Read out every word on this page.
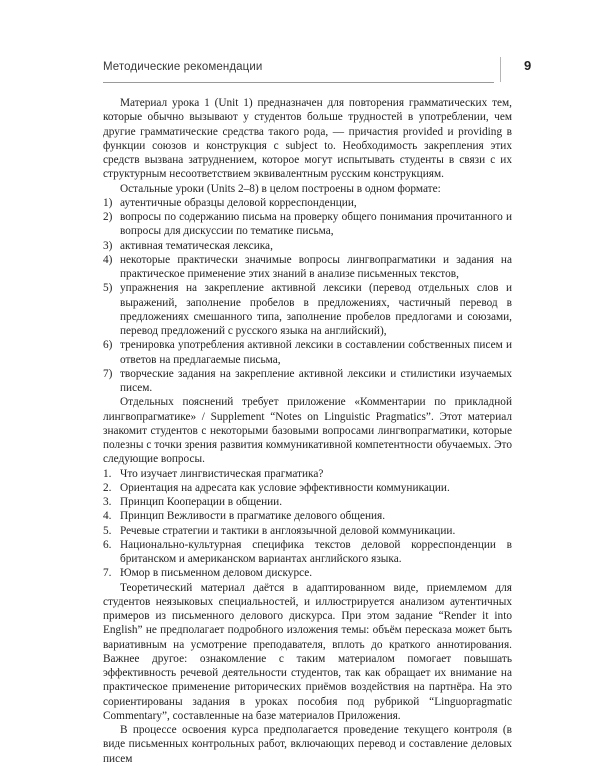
Методические рекомендации	9

Материал урока 1 (Unit 1) предназначен для повторения грамматических тем, которые обычно вызывают у студентов больше трудностей в употреблении, чем другие грамматические средства такого рода, — причастия provided и providing в функции союзов и конструкция с subject to. Необходимость закрепления этих средств вызвана затруднением, которое могут испытывать студенты в связи с их структурным несоответствием эквивалентным русским конструкциям.

Остальные уроки (Units 2–8) в целом построены в одном формате:

1) аутентичные образцы деловой корреспонденции,
2) вопросы по содержанию письма на проверку общего понимания прочитанного и вопросы для дискуссии по тематике письма,
3) активная тематическая лексика,
4) некоторые практически значимые вопросы лингвопрагматики и задания на практическое применение этих знаний в анализе письменных текстов,
5) упражнения на закрепление активной лексики (перевод отдельных слов и выражений, заполнение пробелов в предложениях, частичный перевод в предложениях смешанного типа, заполнение пробелов предлогами и союзами, перевод предложений с русского языка на английский),
6) тренировка употребления активной лексики в составлении собственных писем и ответов на предлагаемые письма,
7) творческие задания на закрепление активной лексики и стилистики изучаемых писем.

Отдельных пояснений требует приложение «Комментарии по прикладной лингвопрагматике» / Supplement “Notes on Linguistic Pragmatics”. Этот материал знакомит студентов с некоторыми базовыми вопросами лингвопрагматики, которые полезны с точки зрения развития коммуникативной компетентности обучаемых. Это следующие вопросы.

1. Что изучает лингвистическая прагматика?
2. Ориентация на адресата как условие эффективности коммуникации.
3. Принцип Кооперации в общении.
4. Принцип Вежливости в прагматике делового общения.
5. Речевые стратегии и тактики в англоязычной деловой коммуникации.
6. Национально-культурная специфика текстов деловой корреспонденции в британском и американском вариантах английского языка.
7. Юмор в письменном деловом дискурсе.

Теоретический материал даётся в адаптированном виде, приемлемом для студентов неязыковых специальностей, и иллюстрируется анализом аутентичных примеров из письменного делового дискурса. При этом задание “Render it into English” не предполагает подробного изложения темы: объём пересказа может быть вариативным на усмотрение преподавателя, вплоть до краткого аннотирования. Важнее другое: ознакомление с таким материалом помогает повышать эффективность речевой деятельности студентов, так как обращает их внимание на практическое применение риторических приёмов воздействия на партнёра. На это сориентированы задания в уроках пособия под рубрикой “Linguopragmatic Commentary”, составленные на базе материалов Приложения.

В процессе освоения курса предполагается проведение текущего контроля (в виде письменных контрольных работ, включающих перевод и составление деловых писем
